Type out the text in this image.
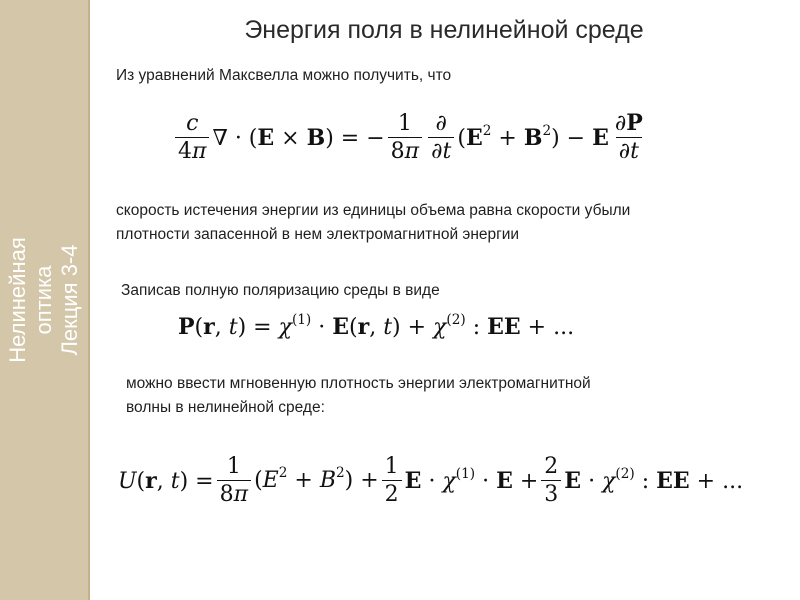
Нелинейная оптика Лекция 3-4
Энергия поля в нелинейной среде
Из уравнений Максвелла можно получить, что
$\frac{c}{4\pi}$ ∇ · (E × B) = − $\frac{1}{8\pi} \frac{\partial}{\partial t} (E^2 + B^2) - E \frac{\partial P}{\partial t}$
скорость истечения энергии из единицы объема равна скорости убыли
плотности запасенной в нем электромагнитной энергии
Записав полную поляризацию среды в виде
P(r, $t) = \chi^{(1)} \cdot E(r$, $t) + \chi^{(2)}$ : EE + ...
можно ввести мгновенную плотность энергии электромагнитной
волны в нелинейной среде:
U(r, $t) = \frac{1}{8\pi} (E^2 + B^2) + \frac{1}{2}$ $E \cdot \chi^{(1)} \cdot E + \frac{2}{3}$ $E \cdot \chi^{(2)}$ : EE + ...
